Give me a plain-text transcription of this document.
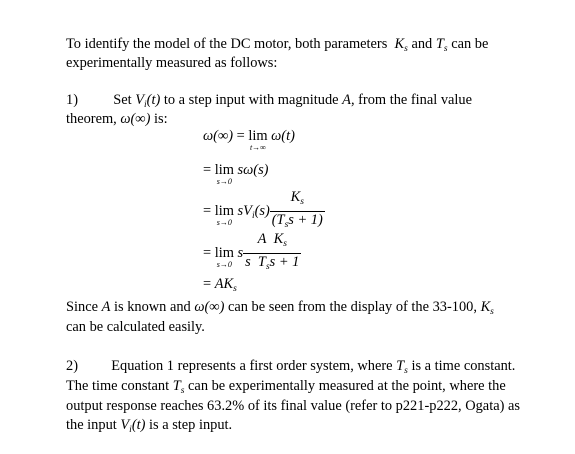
To identify the model of the DC motor, both parameters  $K_s$ and $T_s$ can be
experimentally measured as follows:
1) Set $V_i(t)$ to a step input with magnitude A, from the final value
theorem, ω(∞) is:
ω(∞) = lim
t→∞
ω(t)
= lim
s→0
sω(s)
= lim
s→0
$sV_i(s) \frac{K_s}{(T_ss + 1)}$
= lim
s→0
s $\frac{A K_s}{s T_ss + 1}$
= $AK_s$
Since A is known and ω(∞) can be seen from the display of the 33-100, $K_s$
can be calculated easily.
2) Equation 1 represents a first order system, where $T_s$ is a time constant.
The time constant $T_s$ can be experimentally measured at the point, where the
output response reaches 63.2% of its final value (refer to p221-p222, Ogata) as
the input $V_i(t)$ is a step input.
